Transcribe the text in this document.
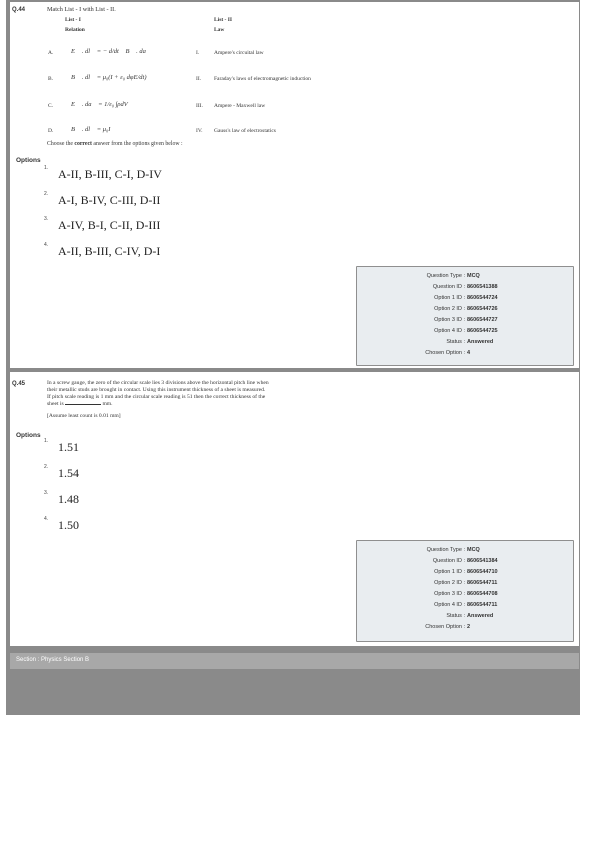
Q.44	Match List - I with List - II.
List - I
Relation
List - II
Law
A. ∮E⃗ . dl⃗ = − d/dt ∮B⃗ . da⃗	I.	Ampere's circuital law
B. ∮B⃗ . dl⃗ = μ₀(I + ε₀ dφE/dt)	II. Faraday's laws of electromagnetic induction
C. ∮E⃗ . da⃗ = 1/ε₀ ∫ρdV	III. Ampere - Maxwell law
D. ∮B⃗ . dl⃗ = μ₀I	IV. Gauss's law of electrostatics
Choose the correct answer from the options given below :
Options
1. A-II, B-III, C-I, D-IV
2. A-I, B-IV, C-III, D-II
3. A-IV, B-I, C-II, D-III
4. A-II, B-III, C-IV, D-I
Question Type : MCQ
Question ID : 8606541388
Option 1 ID : 8606544724
Option 2 ID : 8606544726
Option 3 ID : 8606544727
Option 4 ID : 8606544725
Status : Answered
Chosen Option : 4
Q.45	In a screw gauge, the zero of the circular scale lies 3 divisions above the horizontal pitch line when
their metallic studs are brought in contact. Using this instrument thickness of a sheet is measured.
If pitch scale reading is 1 mm and the circular scale reading is 51 then the correct thickness of the
sheet is	mm.
[Assume least count is 0.01 mm]
Options
1. 1.51
2. 1.54
3. 1.48
4. 1.50
Question Type : MCQ
Question ID : 8606541384
Option 1 ID : 8606544710
Option 2 ID : 8606544711
Option 3 ID : 8606544708
Option 4 ID : 8606544711
Status : Answered
Chosen Option : 2
Section : Physics Section B
